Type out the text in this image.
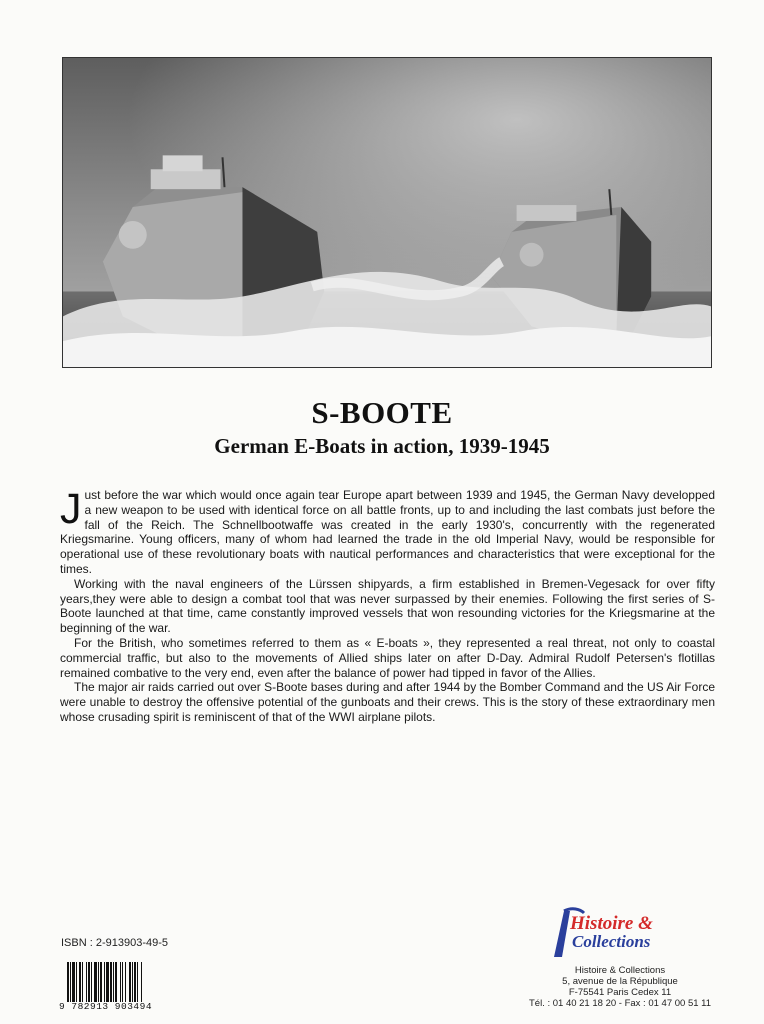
S-BOOTE
German E-Boats in action, 1939-1945

Just before the war which would once again tear Europe apart between 1939 and 1945, the German Navy developped a new weapon to be used with identical force on all battle fronts, up to and including the last combats just before the fall of the Reich. The Schnellbootwaffe was created in the early 1930's, concurrently with the regenerated Kriegsmarine. Young officers, many of whom had learned the trade in the old Imperial Navy, would be responsible for operational use of these revolutionary boats with nautical performances and characteristics that were exceptional for the times.

Working with the naval engineers of the Lürssen shipyards, a firm established in Bremen-Vegesack for over fifty years,they were able to design a combat tool that was never surpassed by their enemies. Following the first series of S-Boote launched at that time, came constantly improved vessels that won resounding victories for the Kriegsmarine at the beginning of the war.

For the British, who sometimes referred to them as « E-boats », they represented a real threat, not only to coastal commercial traffic, but also to the movements of Allied ships later on after D-Day. Admiral Rudolf Petersen's flotillas remained combative to the very end, even after the balance of power had tipped in favor of the Allies.

The major air raids carried out over S-Boote bases during and after 1944 by the Bomber Command and the US Air Force were unable to destroy the offensive potential of the gunboats and their crews. This is the story of these extraordinary men whose crusading spirit is reminiscent of that of the WWI airplane pilots.

ISBN : 2-913903-49-5
9 782913 903494
Histoire &
Collections
Histoire & Collections
5, avenue de la République
F-75541 Paris Cedex 11
Tél. : 01 40 21 18 20 - Fax : 01 47 00 51 11
